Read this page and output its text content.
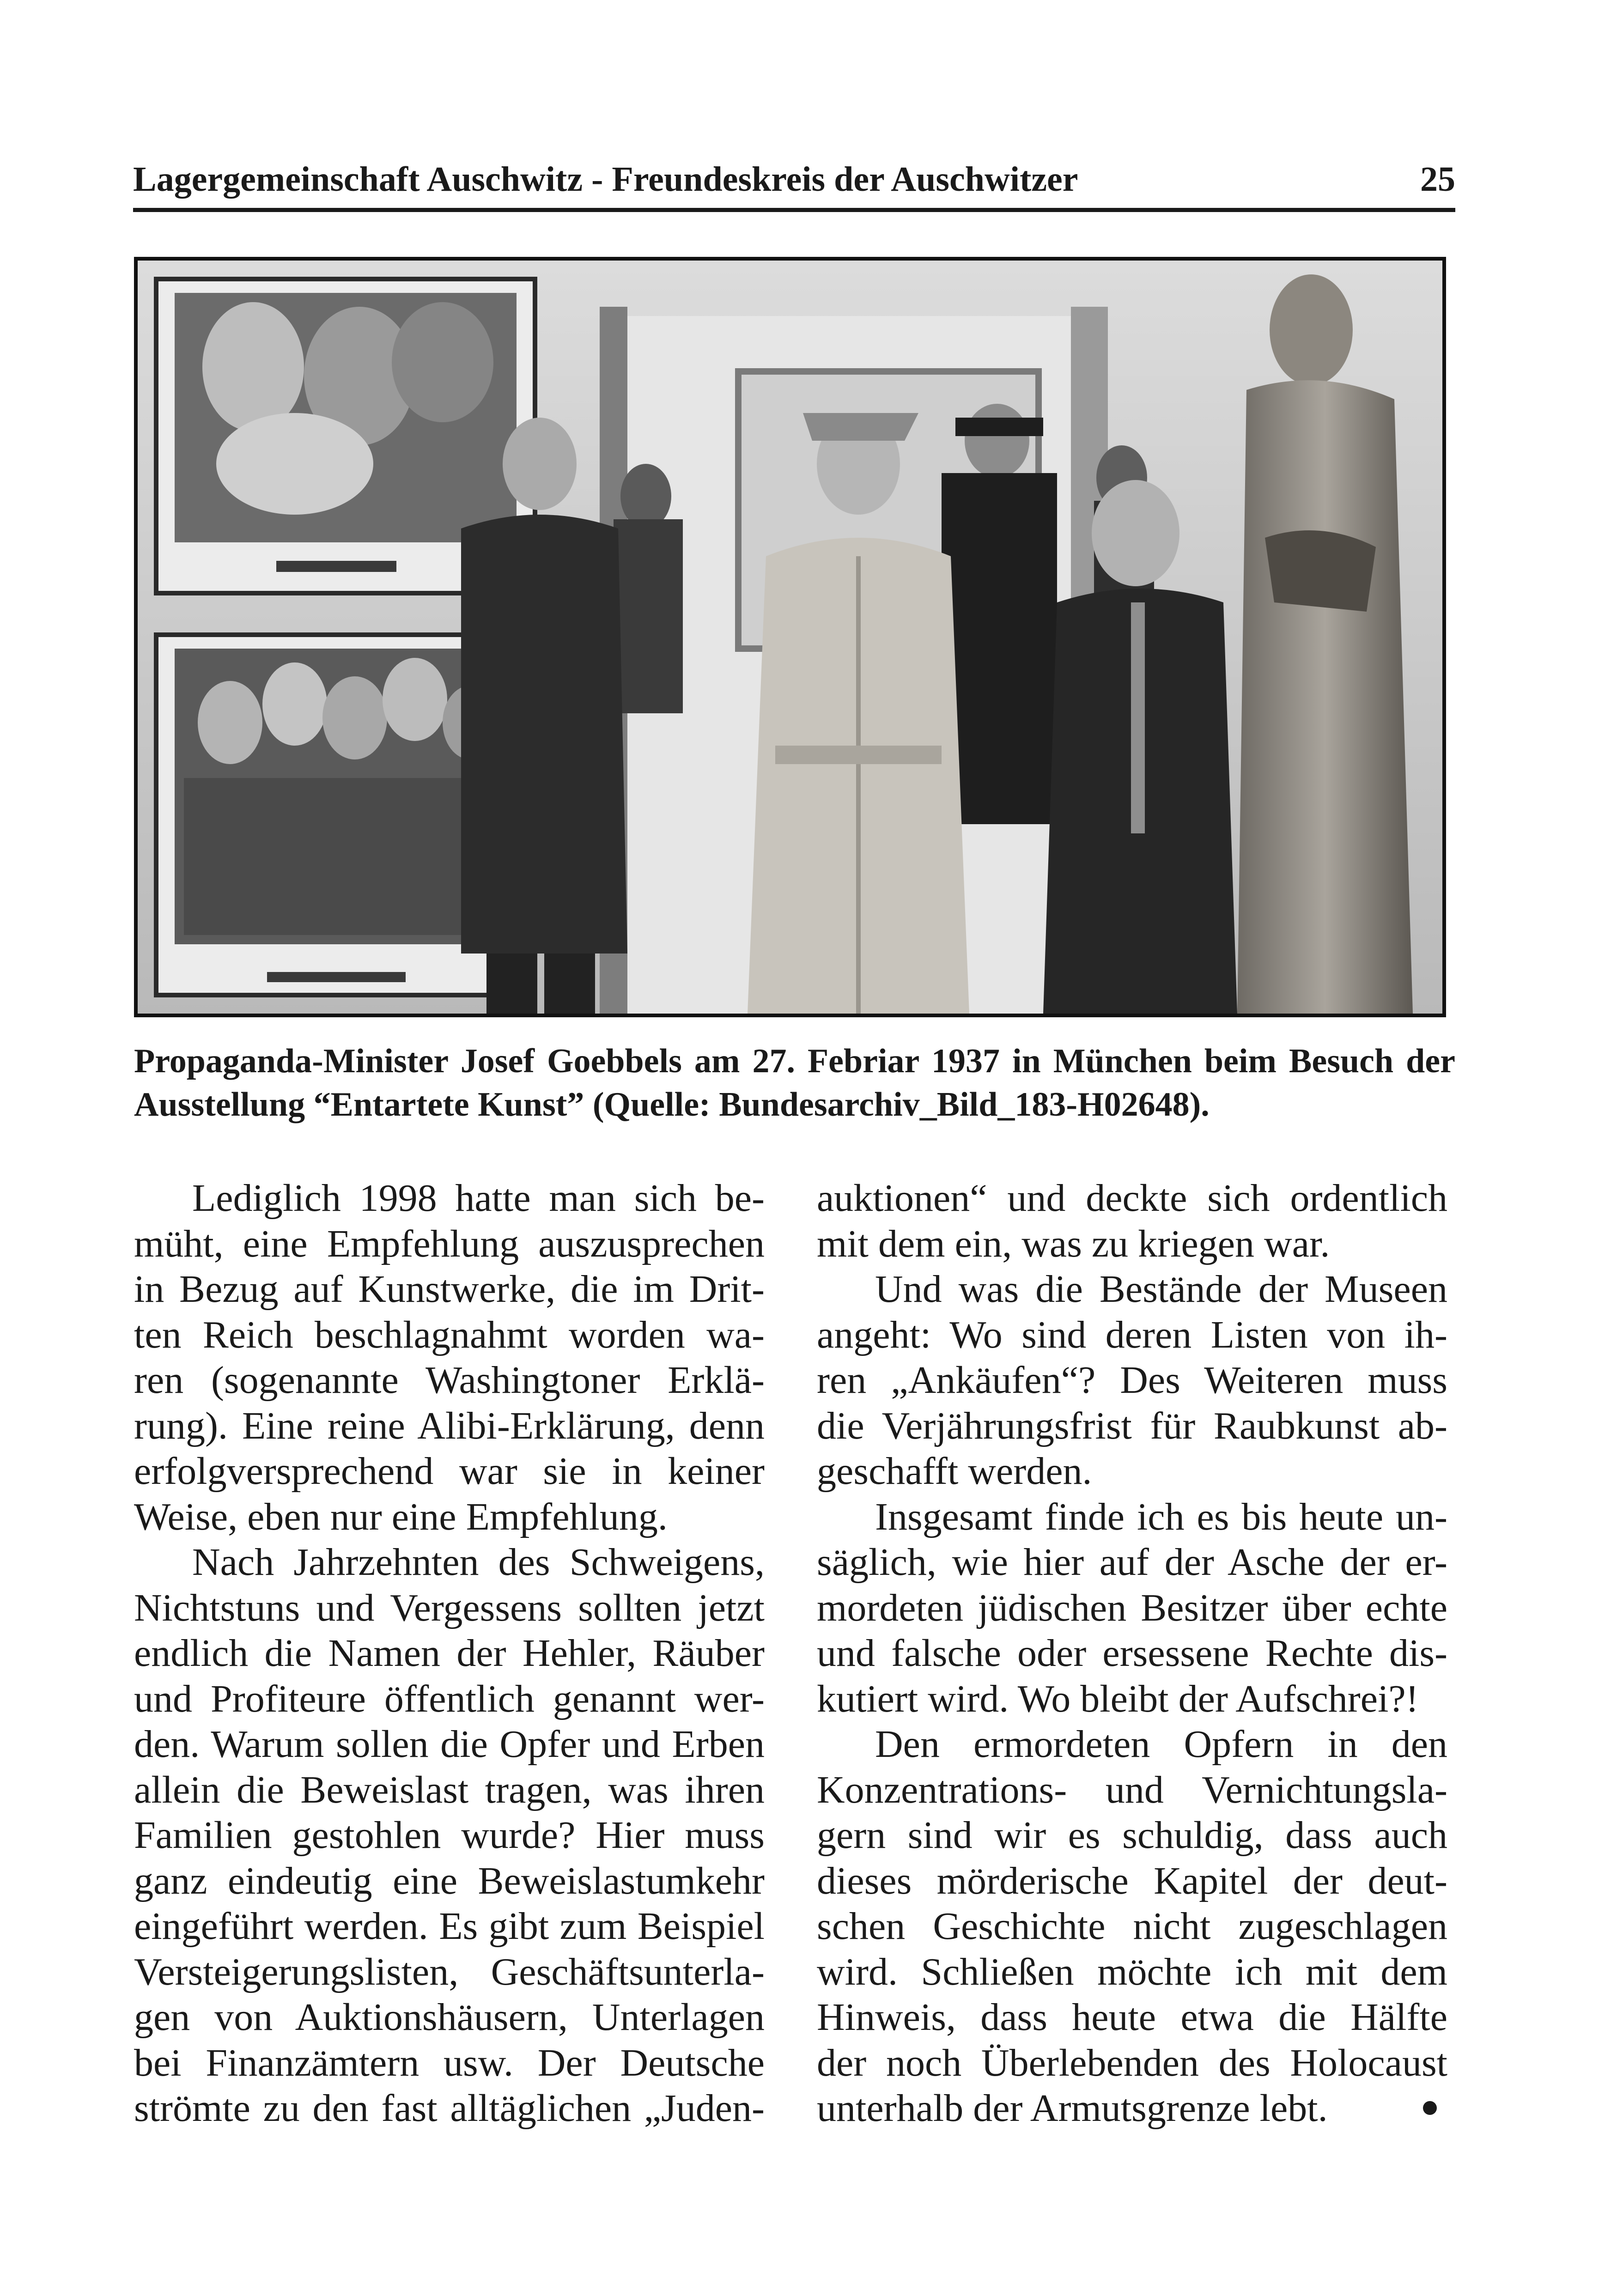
Lagergemeinschaft Auschwitz - Freundeskreis der Auschwitzer	25
Propaganda-Minister Josef Goebbels am 27. Febriar 1937 in München beim Besuch der
Ausstellung “Entartete Kunst” (Quelle: Bundesarchiv_Bild_183-H02648).
Lediglich 1998 hatte man sich be-
müht, eine Empfehlung auszusprechen
in Bezug auf Kunstwerke, die im Drit-
ten Reich beschlagnahmt worden wa-
ren (sogenannte Washingtoner Erklä-
rung). Eine reine Alibi-Erklärung, denn
erfolgversprechend war sie in keiner
Weise, eben nur eine Empfehlung.
Nach Jahrzehnten des Schweigens,
Nichtstuns und Vergessens sollten jetzt
endlich die Namen der Hehler, Räuber
und Profiteure öffentlich genannt wer-
den. Warum sollen die Opfer und Erben
allein die Beweislast tragen, was ihren
Familien gestohlen wurde? Hier muss
ganz eindeutig eine Beweislastumkehr
eingeführt werden. Es gibt zum Beispiel
Versteigerungslisten, Geschäftsunterla-
gen von Auktionshäusern, Unterlagen
bei Finanzämtern usw. Der Deutsche
strömte zu den fast alltäglichen „Juden-
auktionen“ und deckte sich ordentlich
mit dem ein, was zu kriegen war.
Und was die Bestände der Museen
angeht: Wo sind deren Listen von ih-
ren „Ankäufen“? Des Weiteren muss
die Verjährungsfrist für Raubkunst ab-
geschafft werden.
Insgesamt finde ich es bis heute un-
säglich, wie hier auf der Asche der er-
mordeten jüdischen Besitzer über echte
und falsche oder ersessene Rechte dis-
kutiert wird. Wo bleibt der Aufschrei?!
Den ermordeten Opfern in den
Konzentrations- und Vernichtungsla-
gern sind wir es schuldig, dass auch
dieses mörderische Kapitel der deut-
schen Geschichte nicht zugeschlagen
wird. Schließen möchte ich mit dem
Hinweis, dass heute etwa die Hälfte
der noch Überlebenden des Holocaust
unterhalb der Armutsgrenze lebt.
